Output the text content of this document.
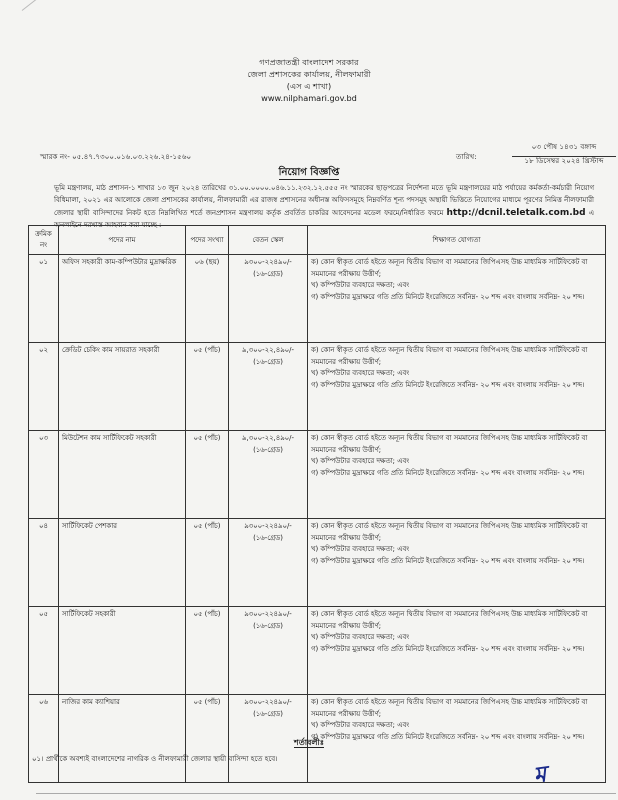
গণপ্রজাতন্ত্রী বাংলাদেশ সরকার
জেলা প্রশাসকের কার্যালয়, নীলফামারী
(এস এ শাখা)
www.nilphamari.gov.bd
স্মারক নং- ০৫.৪৭.৭৩০০.০১৬.০৩.২২৬.২৪-১৫৬০	তারিখ:
০৩ পৌষ ১৪৩১ বঙ্গাব্দ
১৮ ডিসেম্বর ২০২৪ খ্রিস্টাব্দ
নিয়োগ বিজ্ঞপ্তি
ভূমি মন্ত্রণালয়, মাঠ প্রশাসন-১ শাখার ১৩ জুন ২০২৪ তারিখের ৩১.০০.০০০০.০৪৬.১১.২৩২.১২.৫৫৫ নং স্মারকের ছাড়পত্রের নির্দেশনা মতে ভূমি মন্ত্রণালয়ের মাঠ পর্যায়ের কর্মকর্তা-কর্মচারী নিয়োগ বিধিমালা, ২০২১ এর আলোকে জেলা প্রশাসকের কার্যালয়, নীলফামারী এর রাজস্ব প্রশাসনের অধীনস্ত অফিসসমূহে নিম্নবর্ণিত শূন্য পদসমূহ অস্থায়ী ভিত্তিতে নিয়োগের মাধ্যমে পূরণের নিমিত্ত নীলফামারী জেলার স্থায়ী বাসিন্দাদের নিকট হতে নিম্নলিখিত শর্তে জনপ্রশাসন মন্ত্রণালয় কর্তৃক প্রবর্তিত চাকরির আবেদনের মডেল ফরমে/নির্ধারিত ফরমে http://dcnil.teletalk.com.bd এ অনলাইনে দরখাস্ত আহবান করা যাচ্ছে :
ক্রমিক নং	পদের নাম	পদের সংখ্যা	বেতন স্কেল	শিক্ষাগত যোগ্যতা
০১	অফিস সহকারী কাম-কম্পিউটার মুদ্রাক্ষরিক	০৬ (ছয়)	৯৩০০-২২৪৯০/-
(১৬-গ্রেড)	ক) কোন স্বীকৃত বোর্ড হইতে অন্যূন দ্বিতীয় বিভাগ বা সমমানের জিপিএসহ উচ্চ মাধ্যমিক সার্টিফিকেট বা সমমানের পরীক্ষায় উত্তীর্ণ;
খ) কম্পিউটার ব্যবহারে দক্ষতা; এবং
গ) কম্পিউটার মুদ্রাক্ষরে গতি প্রতি মিনিটে ইংরেজিতে সর্বনিম্ন- ২০ শব্দ এবং বাংলায় সর্বনিম্ন- ২০ শব্দ।

০২	ক্রেডিট চেকিং কাম সায়রাত সহকারী	০৫ (পাঁচ)	৯,৩০০-২২,৪৯০/-
(১৬-গ্রেড)	ক) কোন স্বীকৃত বোর্ড হইতে অন্যূন দ্বিতীয় বিভাগ বা সমমানের জিপিএসহ উচ্চ মাধ্যমিক সার্টিফিকেট বা সমমানের পরীক্ষায় উত্তীর্ণ;
খ) কম্পিউটার ব্যবহারে দক্ষতা; এবং
গ) কম্পিউটার মুদ্রাক্ষরে গতি প্রতি মিনিটে ইংরেজিতে সর্বনিম্ন- ২০ শব্দ এবং বাংলায় সর্বনিম্ন- ২০ শব্দ।

০৩	মিউটেশন কাম সার্টিফিকেট সহকারী	০৫ (পাঁচ)	৯,৩০০-২২,৪৯০/-
(১৬-গ্রেড)	ক) কোন স্বীকৃত বোর্ড হইতে অন্যূন দ্বিতীয় বিভাগ বা সমমানের জিপিএসহ উচ্চ মাধ্যমিক সার্টিফিকেট বা সমমানের পরীক্ষায় উত্তীর্ণ;
খ) কম্পিউটার ব্যবহারে দক্ষতা; এবং
গ) কম্পিউটার মুদ্রাক্ষরে গতি প্রতি মিনিটে ইংরেজিতে সর্বনিম্ন- ২০ শব্দ এবং বাংলায় সর্বনিম্ন- ২০ শব্দ।

০৪	সার্টিফিকেট পেশকার	০৫ (পাঁচ)	৯৩০০-২২৪৯০/-
(১৬-গ্রেড)	ক) কোন স্বীকৃত বোর্ড হইতে অন্যূন দ্বিতীয় বিভাগ বা সমমানের জিপিএসহ উচ্চ মাধ্যমিক সার্টিফিকেট বা সমমানের পরীক্ষায় উত্তীর্ণ;
খ) কম্পিউটার ব্যবহারে দক্ষতা; এবং
গ) কম্পিউটার মুদ্রাক্ষরে গতি প্রতি মিনিটে ইংরেজিতে সর্বনিম্ন- ২০ শব্দ এবং বাংলায় সর্বনিম্ন- ২০ শব্দ।

০৫	সার্টিফিকেট সহকারী	০৫ (পাঁচ)	৯৩০০-২২৪৯০/-
(১৬-গ্রেড)	ক) কোন স্বীকৃত বোর্ড হইতে অন্যূন দ্বিতীয় বিভাগ বা সমমানের জিপিএসহ উচ্চ মাধ্যমিক সার্টিফিকেট বা সমমানের পরীক্ষায় উত্তীর্ণ;
খ) কম্পিউটার ব্যবহারে দক্ষতা; এবং
গ) কম্পিউটার মুদ্রাক্ষরে গতি প্রতি মিনিটে ইংরেজিতে সর্বনিম্ন- ২০ শব্দ এবং বাংলায় সর্বনিম্ন- ২০ শব্দ।

০৬	নাজির কাম ক্যাশিয়ার	০৫ (পাঁচ)	৯৩০০-২২৪৯০/-
(১৬-গ্রেড)	ক) কোন স্বীকৃত বোর্ড হইতে অন্যূন দ্বিতীয় বিভাগ বা সমমানের জিপিএসহ উচ্চ মাধ্যমিক সার্টিফিকেট বা সমমানের পরীক্ষায় উত্তীর্ণ;
খ) কম্পিউটার ব্যবহারে দক্ষতা; এবং
গ) কম্পিউটার মুদ্রাক্ষরে গতি প্রতি মিনিটে ইংরেজিতে সর্বনিম্ন- ২০ শব্দ এবং বাংলায় সর্বনিম্ন- ২০ শব্দ।
শর্তাবলীঃ
০১। প্রার্থীকে অবশ্যই বাংলাদেশের নাগরিক ও নীলফামারী জেলার স্থায়ী বাসিন্দা হতে হবে।
ম
